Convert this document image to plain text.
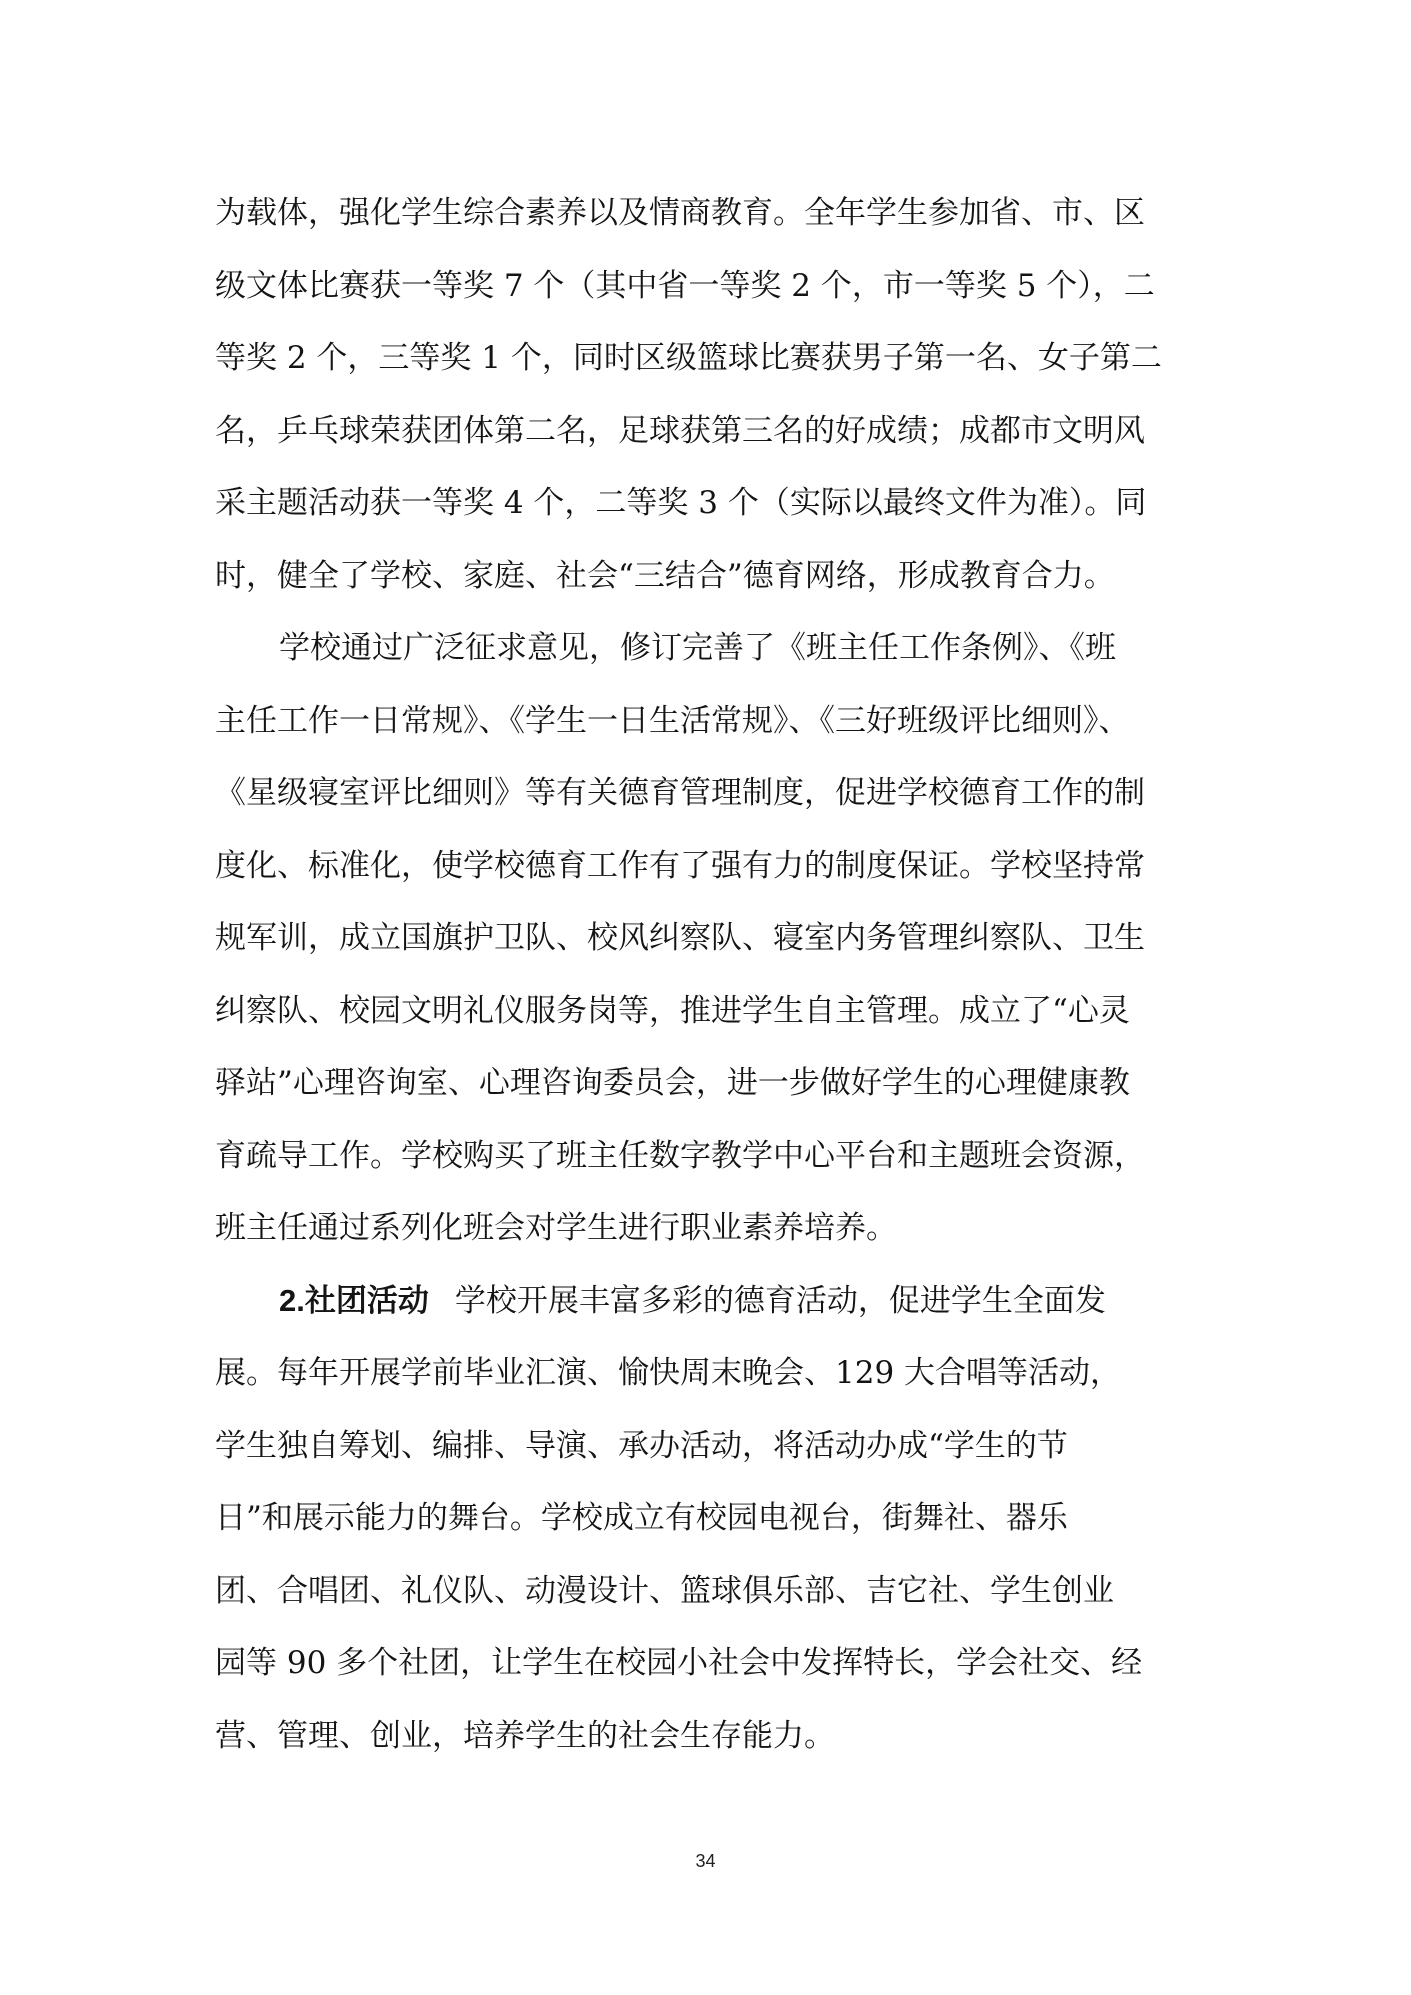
为载体，强化学生综合素养以及情商教育。全年学生参加省、市、区
级文体比赛获一等奖 7 个（其中省一等奖 2 个，市一等奖 5 个），二
等奖 2 个，三等奖 1 个，同时区级篮球比赛获男子第一名、女子第二
名，乒乓球荣获团体第二名，足球获第三名的好成绩；成都市文明风
采主题活动获一等奖 4 个，二等奖 3 个（实际以最终文件为准）。同
时，健全了学校、家庭、社会“三结合”德育网络，形成教育合力。
学校通过广泛征求意见，修订完善了《班主任工作条例》、《班
主任工作一日常规》、《学生一日生活常规》、《三好班级评比细则》、
《星级寝室评比细则》等有关德育管理制度，促进学校德育工作的制
度化、标准化，使学校德育工作有了强有力的制度保证。学校坚持常
规军训，成立国旗护卫队、校风纠察队、寝室内务管理纠察队、卫生
纠察队、校园文明礼仪服务岗等，推进学生自主管理。成立了“心灵
驿站”心理咨询室、心理咨询委员会，进一步做好学生的心理健康教
育疏导工作。学校购买了班主任数字教学中心平台和主题班会资源，
班主任通过系列化班会对学生进行职业素养培养。
2.社团活动 学校开展丰富多彩的德育活动，促进学生全面发
展。每年开展学前毕业汇演、愉快周末晚会、129 大合唱等活动，
学生独自筹划、编排、导演、承办活动，将活动办成“学生的节
日”和展示能力的舞台。学校成立有校园电视台，街舞社、器乐
团、合唱团、礼仪队、动漫设计、篮球俱乐部、吉它社、学生创业
园等 90 多个社团，让学生在校园小社会中发挥特长，学会社交、经
营、管理、创业，培养学生的社会生存能力。
34
